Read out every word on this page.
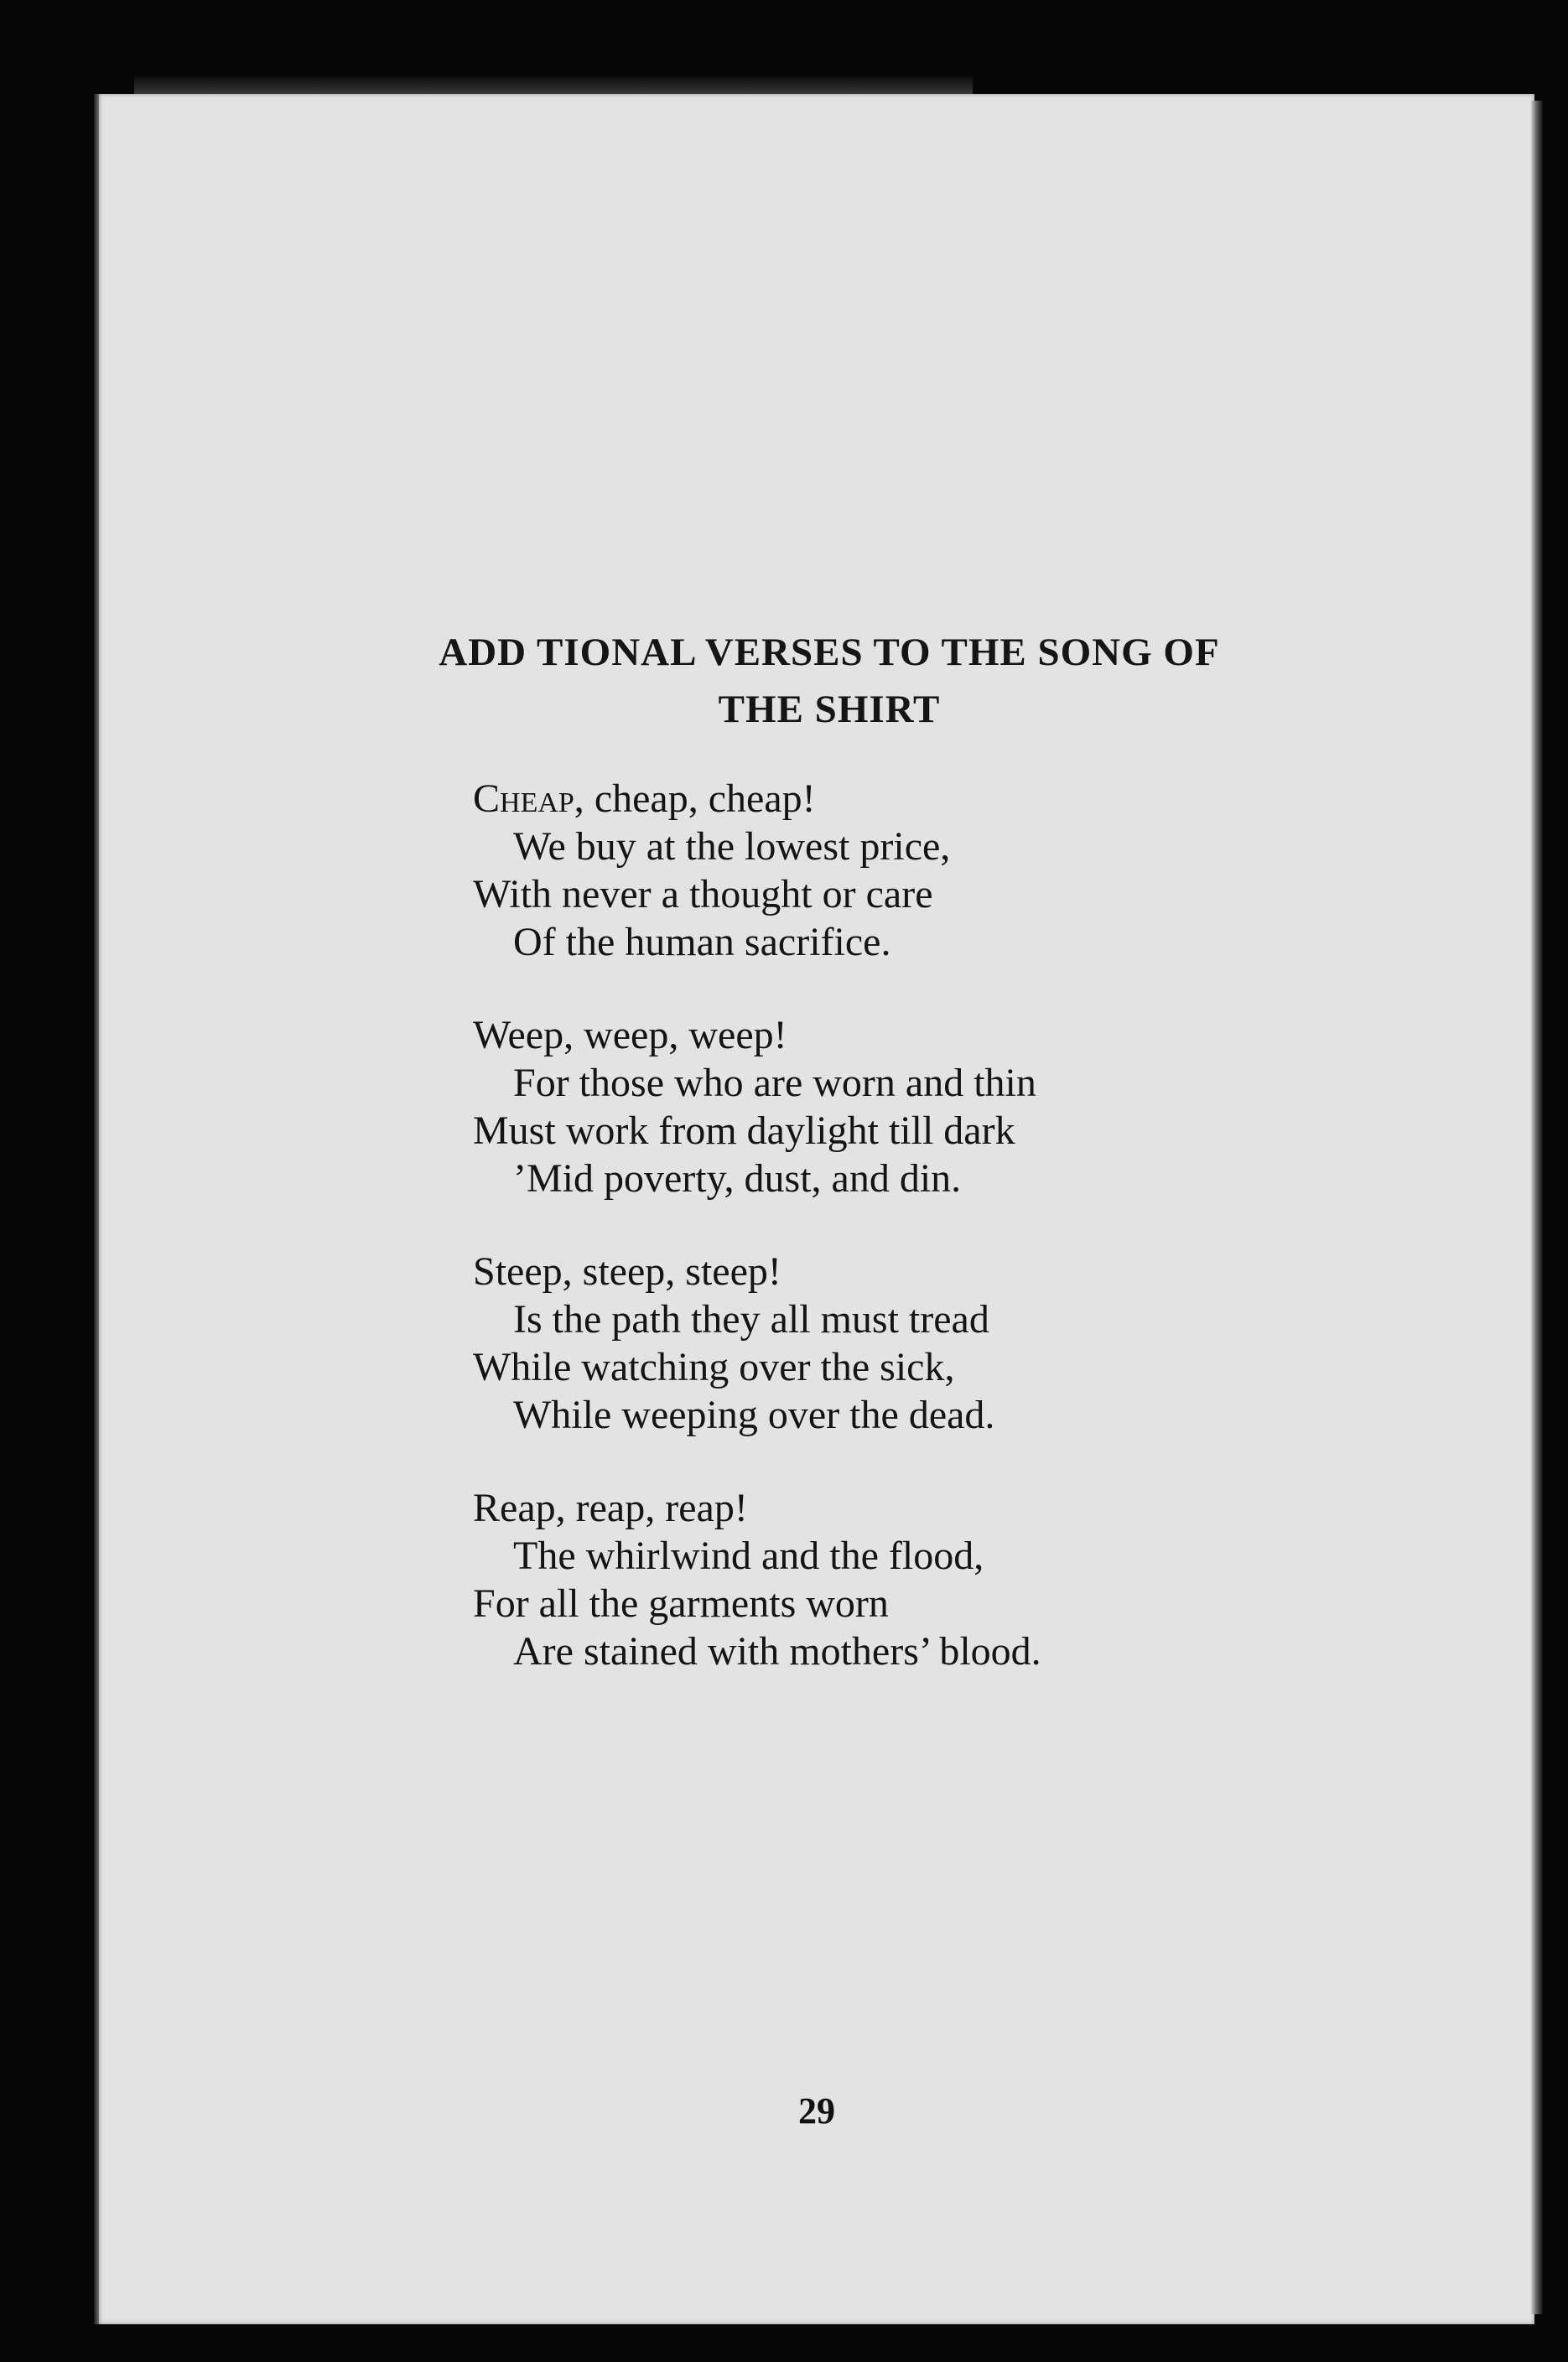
ADD TIONAL VERSES TO THE SONG OF
THE SHIRT
Cheap, cheap, cheap!
We buy at the lowest price,
With never a thought or care
Of the human sacrifice.
Weep, weep, weep!
For those who are worn and thin
Must work from daylight till dark
’Mid poverty, dust, and din.
Steep, steep, steep!
Is the path they all must tread
While watching over the sick,
While weeping over the dead.
Reap, reap, reap!
The whirlwind and the flood,
For all the garments worn
Are stained with mothers’ blood.
29
